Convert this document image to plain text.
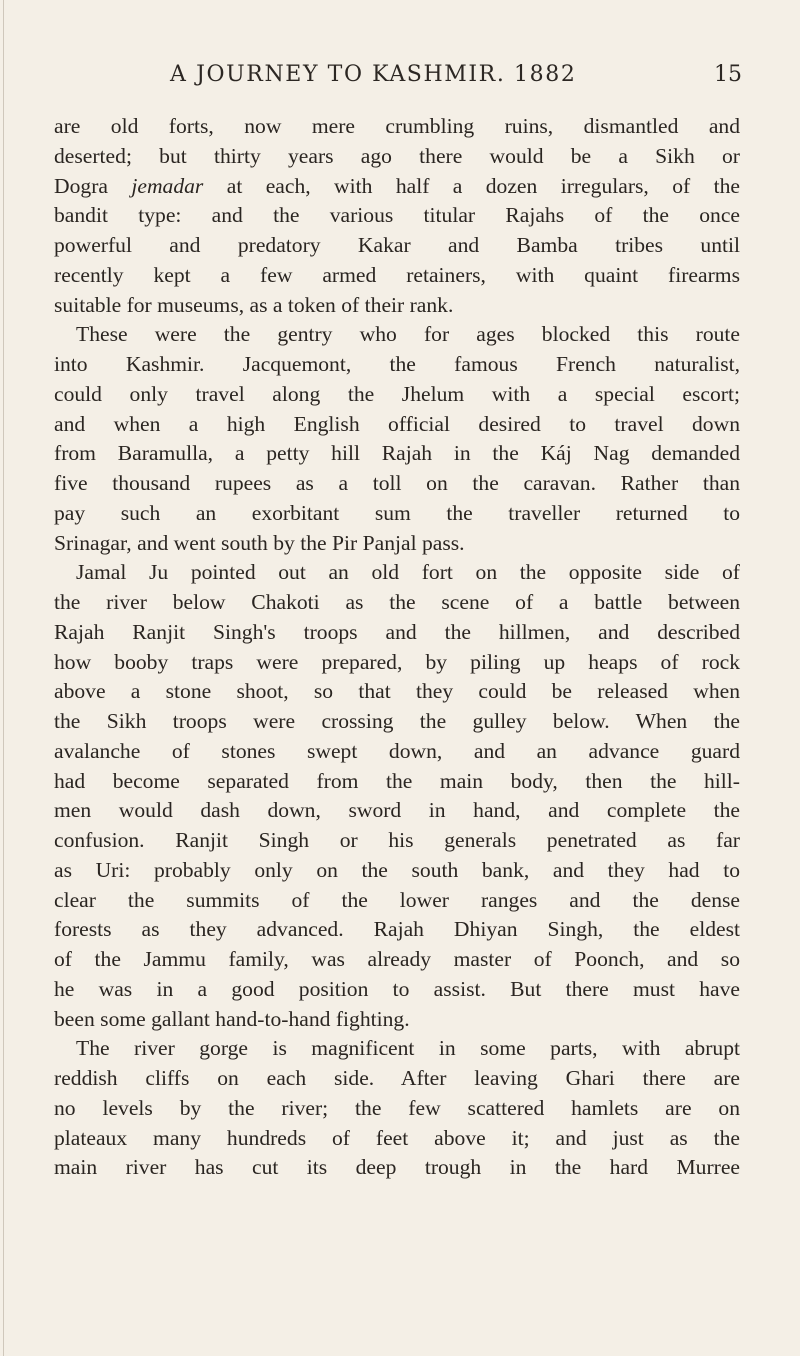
A JOURNEY TO KASHMIR. 1882	15
are old forts, now mere crumbling ruins, dismantled and
deserted; but thirty years ago there would be a Sikh or
Dogra jemadar at each, with half a dozen irregulars, of the
bandit type: and the various titular Rajahs of the once
powerful and predatory Kakar and Bamba tribes until
recently kept a few armed retainers, with quaint firearms
suitable for museums, as a token of their rank.
These were the gentry who for ages blocked this route
into Kashmir. Jacquemont, the famous French naturalist,
could only travel along the Jhelum with a special escort;
and when a high English official desired to travel down
from Baramulla, a petty hill Rajah in the Káj Nag demanded
five thousand rupees as a toll on the caravan. Rather than
pay such an exorbitant sum the traveller returned to
Srinagar, and went south by the Pir Panjal pass.
Jamal Ju pointed out an old fort on the opposite side of
the river below Chakoti as the scene of a battle between
Rajah Ranjit Singh's troops and the hillmen, and described
how booby traps were prepared, by piling up heaps of rock
above a stone shoot, so that they could be released when
the Sikh troops were crossing the gulley below. When the
avalanche of stones swept down, and an advance guard
had become separated from the main body, then the hill-
men would dash down, sword in hand, and complete the
confusion. Ranjit Singh or his generals penetrated as far
as Uri: probably only on the south bank, and they had to
clear the summits of the lower ranges and the dense
forests as they advanced. Rajah Dhiyan Singh, the eldest
of the Jammu family, was already master of Poonch, and so
he was in a good position to assist. But there must have
been some gallant hand-to-hand fighting.
The river gorge is magnificent in some parts, with abrupt
reddish cliffs on each side. After leaving Ghari there are
no levels by the river; the few scattered hamlets are on
plateaux many hundreds of feet above it; and just as the
main river has cut its deep trough in the hard Murree
